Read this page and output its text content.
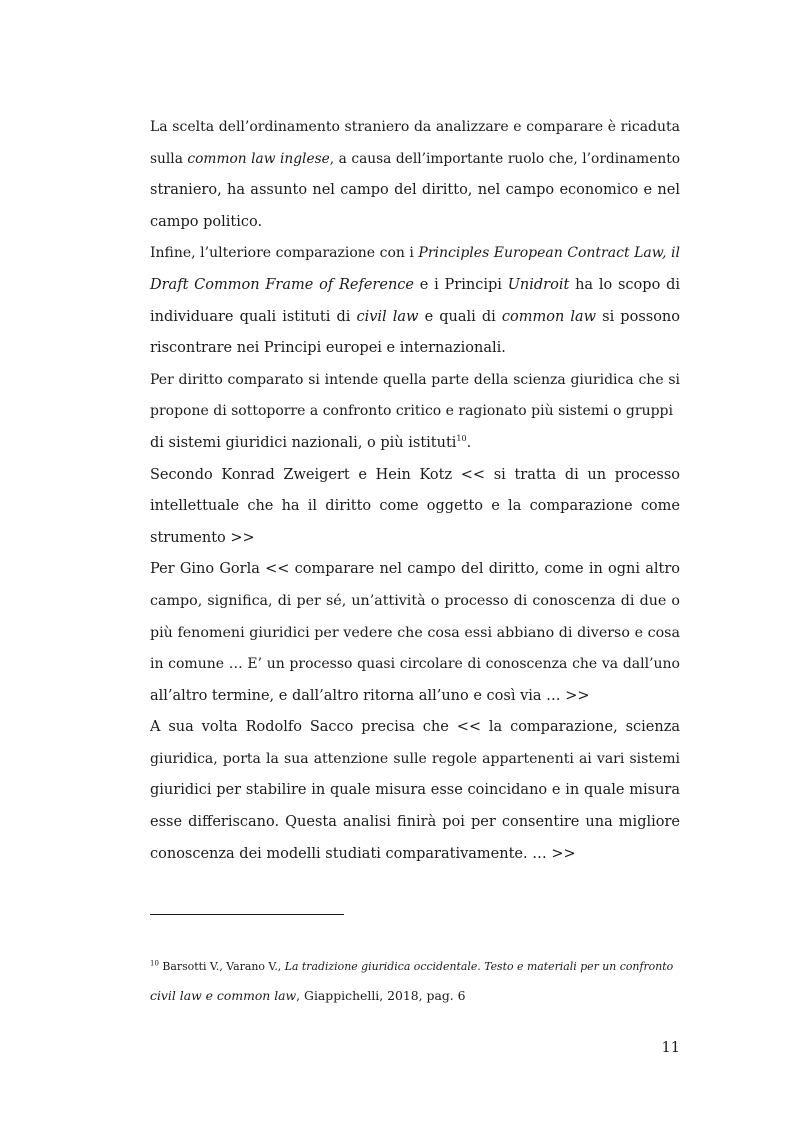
La scelta dell’ordinamento straniero da analizzare e comparare è ricaduta

sulla common law inglese, a causa dell’importante ruolo che, l’ordinamento

straniero, ha assunto nel campo del diritto, nel campo economico e nel

campo politico.

Infine, l’ulteriore comparazione con i Principles European Contract Law, il

Draft Common Frame of Reference e i Principi Unidroit ha lo scopo di

individuare quali istituti di civil law e quali di common law si possono

riscontrare nei Principi europei e internazionali.

Per diritto comparato si intende quella parte della scienza giuridica che si

propone di sottoporre a confronto critico e ragionato più sistemi o gruppi

di sistemi giuridici nazionali, o più istituti$^{10}$.

Secondo Konrad Zweigert e Hein Kotz << si tratta di un processo

intellettuale che ha il diritto come oggetto e la comparazione come

strumento >>

Per Gino Gorla << comparare nel campo del diritto, come in ogni altro

campo, significa, di per sé, un’attività o processo di conoscenza di due o

più fenomeni giuridici per vedere che cosa essi abbiano di diverso e cosa

in comune … E’ un processo quasi circolare di conoscenza che va dall’uno

all’altro termine, e dall’altro ritorna all’uno e così via … >>

A sua volta Rodolfo Sacco precisa che << la comparazione, scienza

giuridica, porta la sua attenzione sulle regole appartenenti ai vari sistemi

giuridici per stabilire in quale misura esse coincidano e in quale misura

esse differiscano. Questa analisi finirà poi per consentire una migliore

conoscenza dei modelli studiati comparativamente. … >>

$^{10}$ Barsotti V., Varano V., La tradizione giuridica occidentale. Testo e materiali per un confronto
civil law e common law, Giappichelli, 2018, pag. 6
11
